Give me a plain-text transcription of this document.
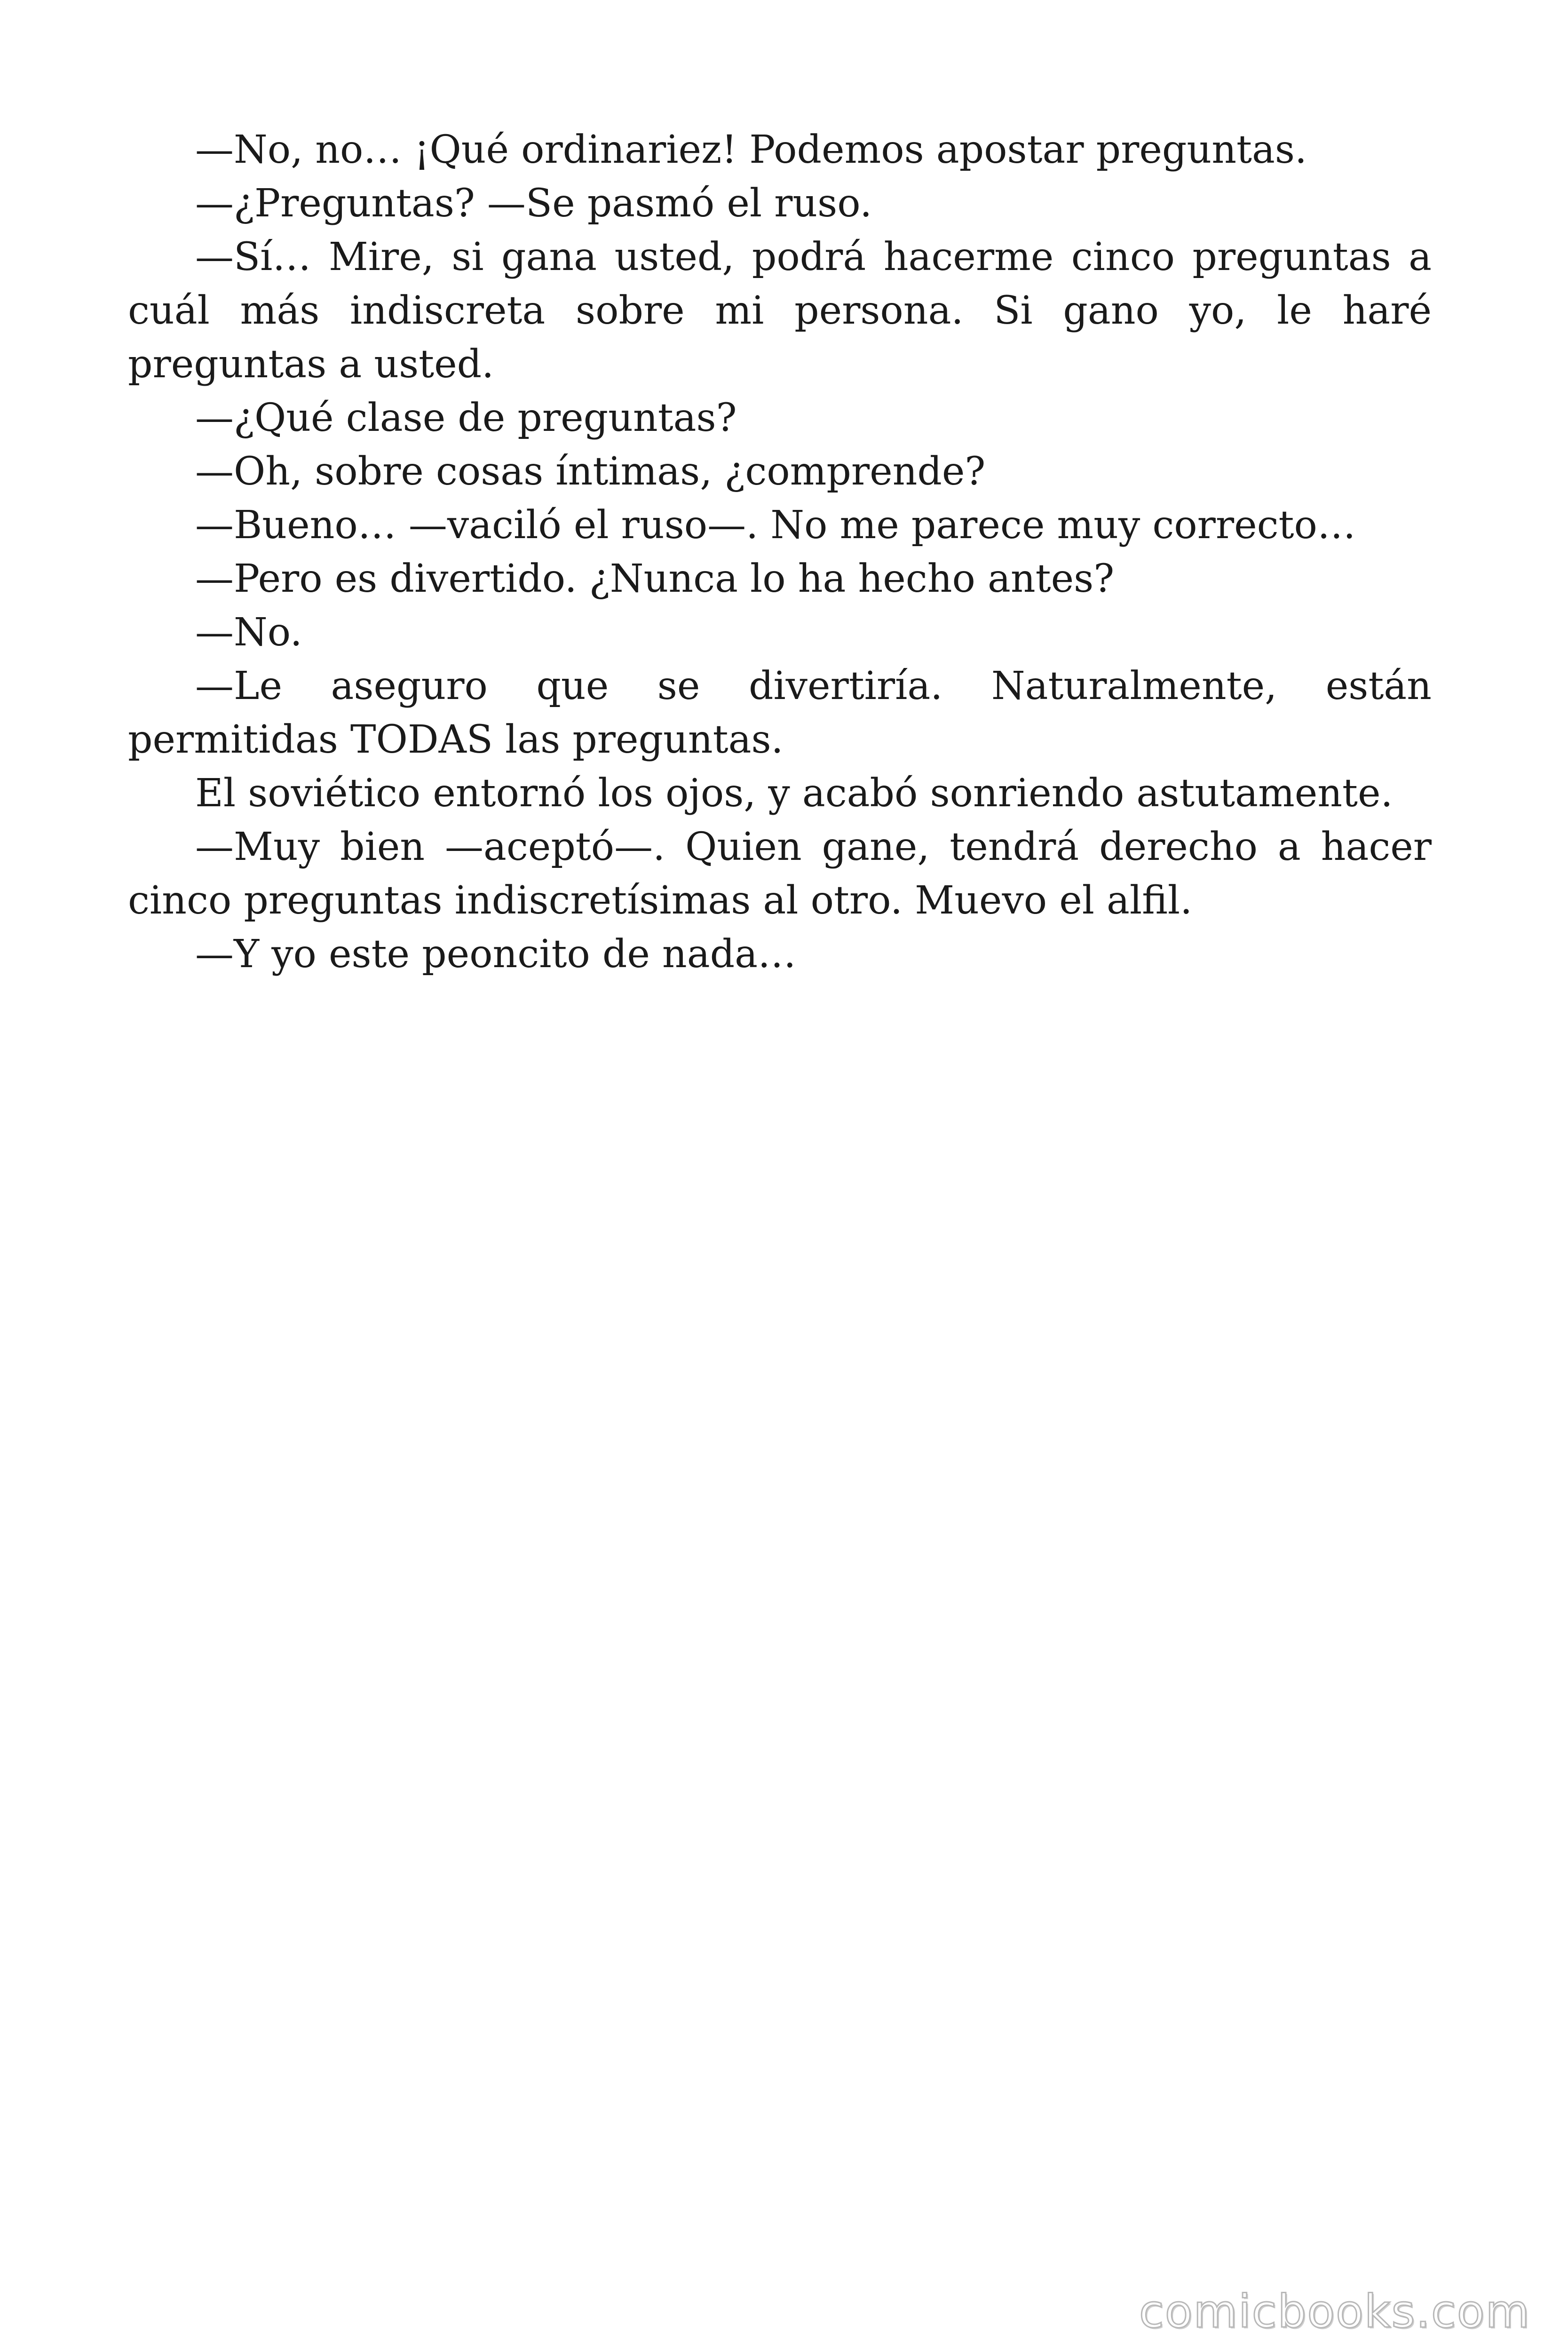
—No, no… ¡Qué ordinariez! Podemos apostar preguntas.

—¿Preguntas? —Se pasmó el ruso.

—Sí… Mire, si gana usted, podrá hacerme cinco preguntas a cuál más indiscreta sobre mi persona. Si gano yo, le haré preguntas a usted.

—¿Qué clase de preguntas?

—Oh, sobre cosas íntimas, ¿comprende?

—Bueno… —vaciló el ruso—. No me parece muy correcto…

—Pero es divertido. ¿Nunca lo ha hecho antes?

—No.

—Le aseguro que se divertiría. Naturalmente, están permitidas TODAS las preguntas.

El soviético entornó los ojos, y acabó sonriendo astutamente.

—Muy bien —aceptó—. Quien gane, tendrá derecho a hacer cinco preguntas indiscretísimas al otro. Muevo el alfil.

—Y yo este peoncito de nada…

comicbooks.com
